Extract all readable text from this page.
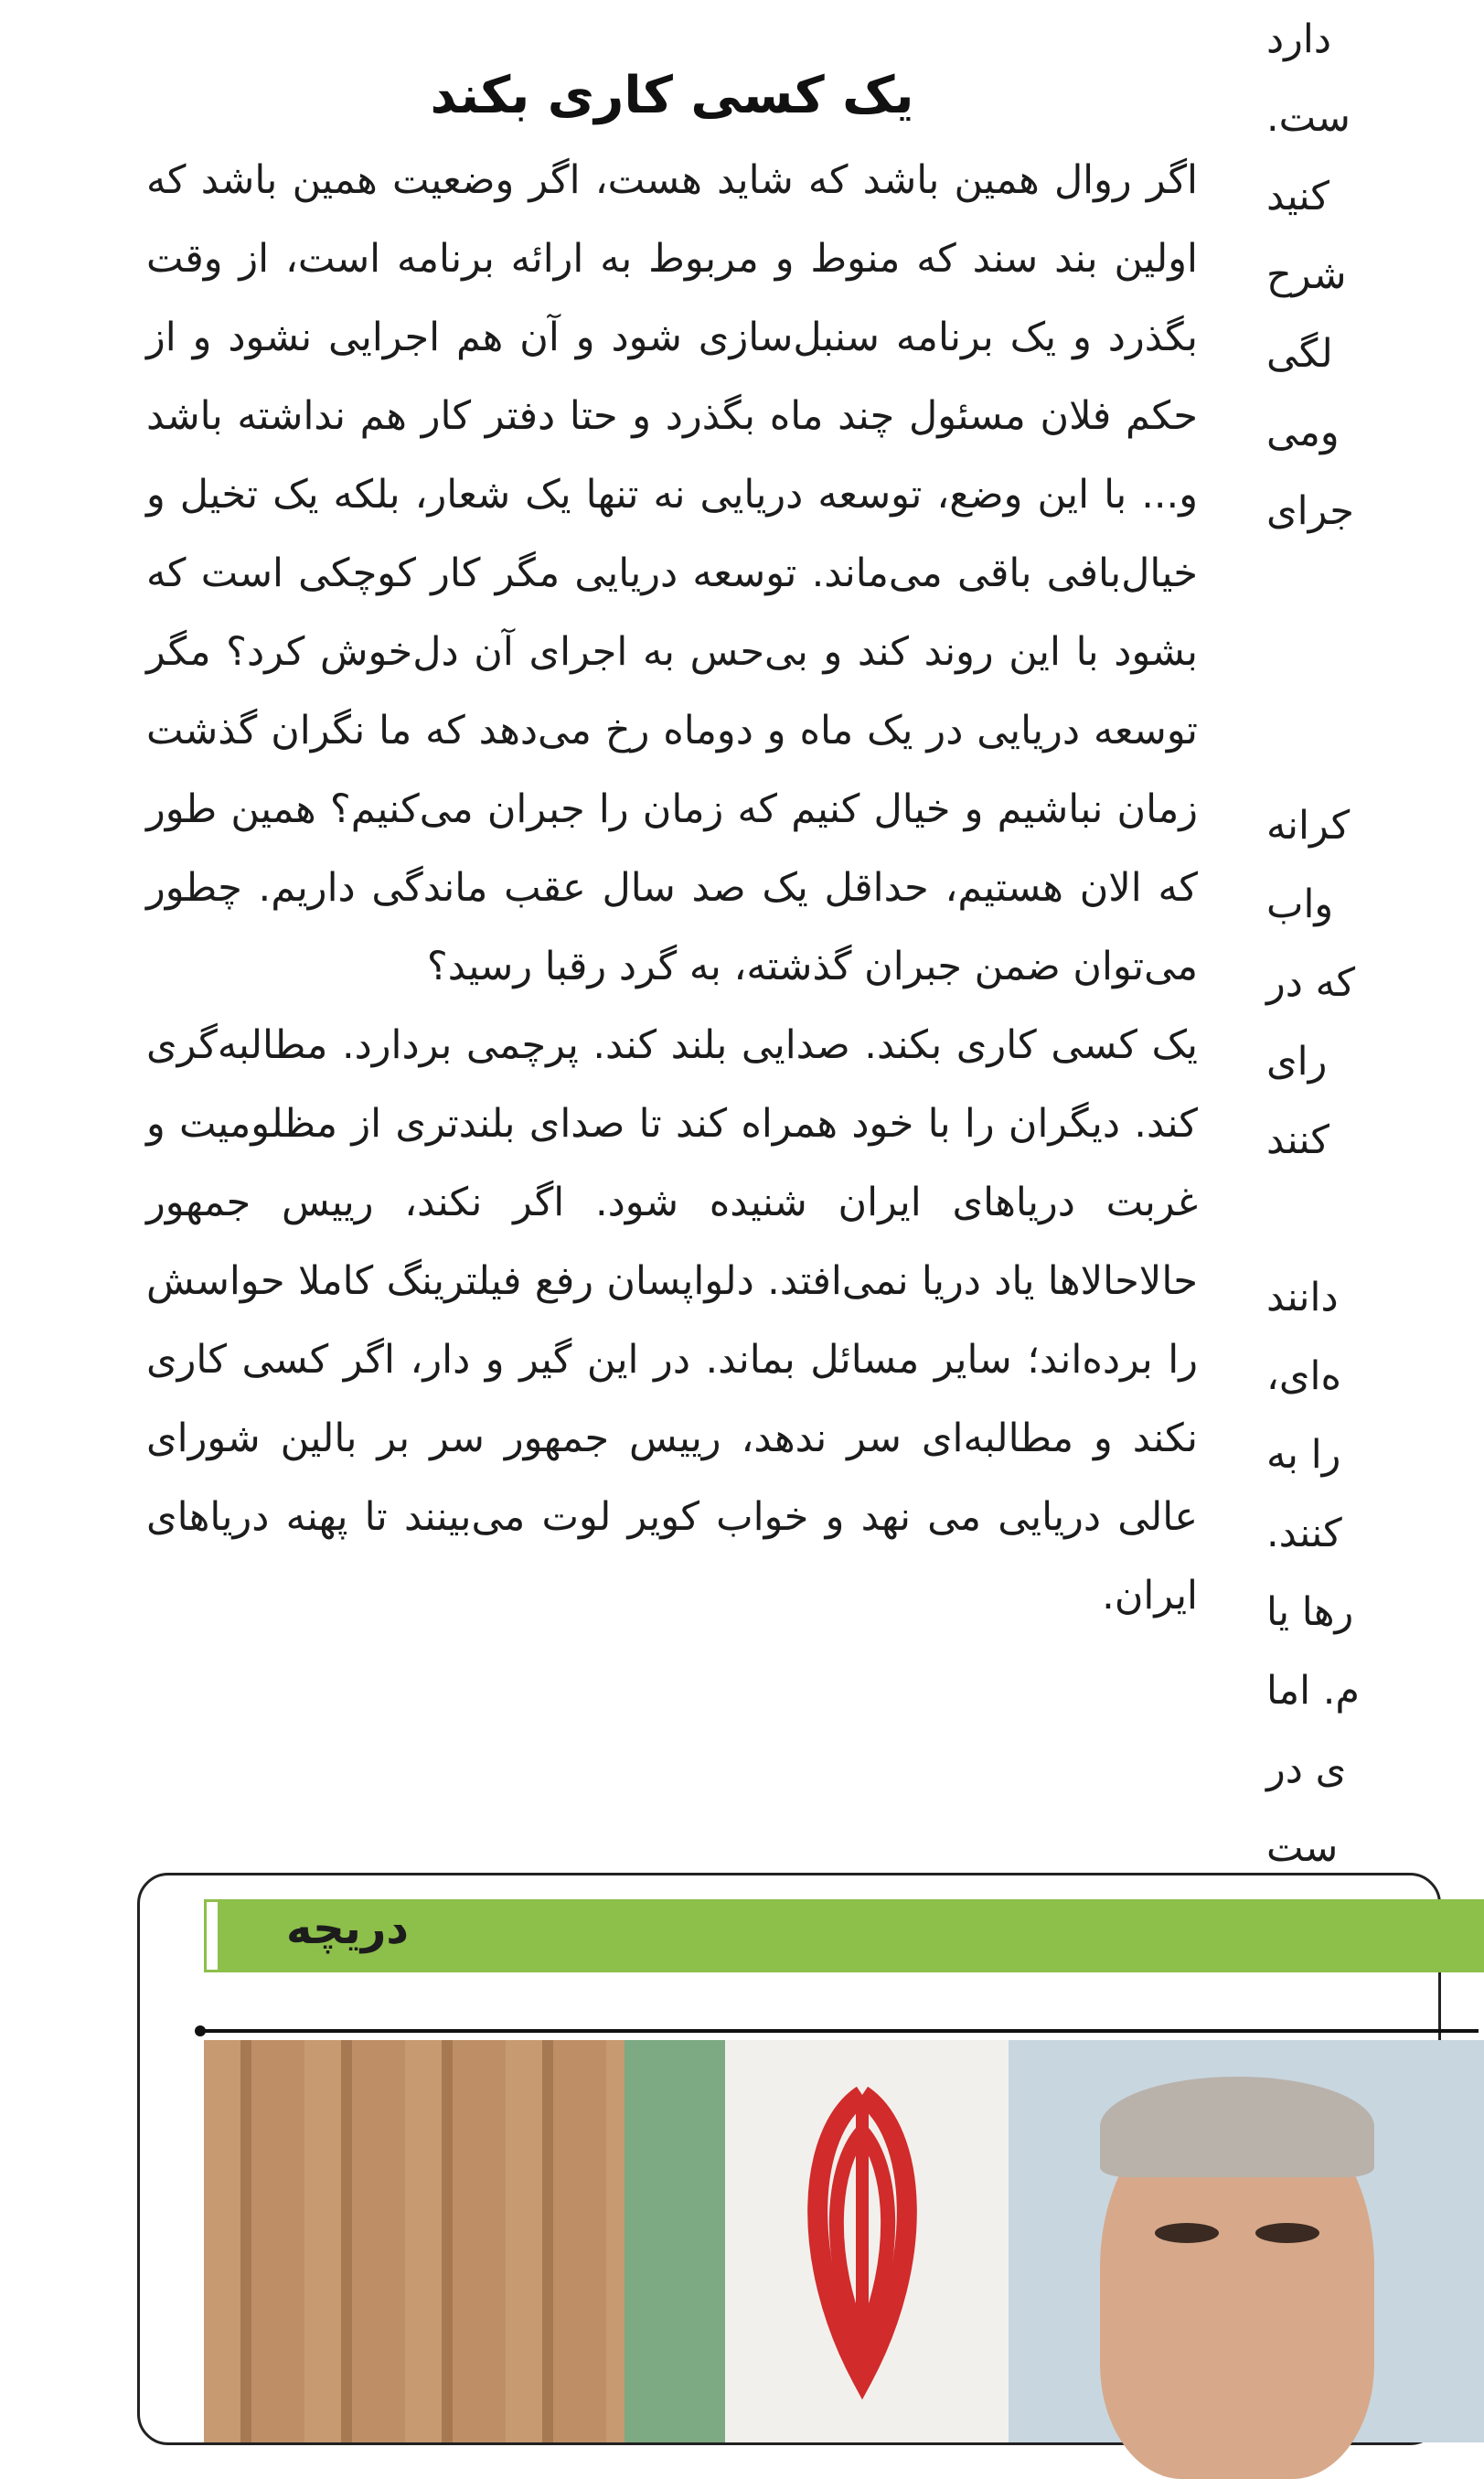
یک کسی کاری بکند

اگر روال همین باشد که شاید هست، اگر وضعیت همین باشد که اولین بند سند که منوط و مربوط به ارائه برنامه است، از وقت بگذرد و یک برنامه سنبل‌سازی شود و آن هم اجرایی نشود و از حکم فلان مسئول چند ماه بگذرد و حتا دفتر کار هم نداشته باشد و... با این وضع، توسعه دریایی نه تنها یک شعار، بلکه یک تخیل و خیال‌بافی باقی می‌ماند. توسعه دریایی مگر کار کوچکی است که بشود با این روند کند و بی‌حس به اجرای آن دل‌خوش کرد؟ مگر توسعه دریایی در یک ماه و دوماه رخ می‌دهد که ما نگران گذشت زمان نباشیم و خیال کنیم که زمان را جبران می‌کنیم؟ همین طور که الان هستیم، حداقل یک صد سال عقب ماندگی داریم. چطور می‌توان ضمن جبران گذشته، به گرد رقبا رسید؟

یک کسی کاری بکند. صدایی بلند کند. پرچمی بردارد. مطالبه‌گری کند. دیگران را با خود همراه کند تا صدای بلندتری از مظلومیت و غربت دریاهای ایران شنیده شود. اگر نکند، رییس جمهور حالاحالاها یاد دریا نمی‌افتد. دلواپسان رفع فیلترینگ کاملا حواسش را برده‌اند؛ سایر مسائل بماند. در این گیر و دار، اگر کسی کاری نکند و مطالبه‌ای سر ندهد، رییس جمهور سر بر بالین شورای عالی دریایی می نهد و خواب کویر لوت می‌بینند تا پهنه دریاهای ایران.

دارد

ست.

کنید

شرح

لگی

ومی

جرای

کرانه

واب

که در

رای

کنند

دانند

ه‌ای،

را به

کنند.

رها یا

م. اما

ی در

ست

دریچه
